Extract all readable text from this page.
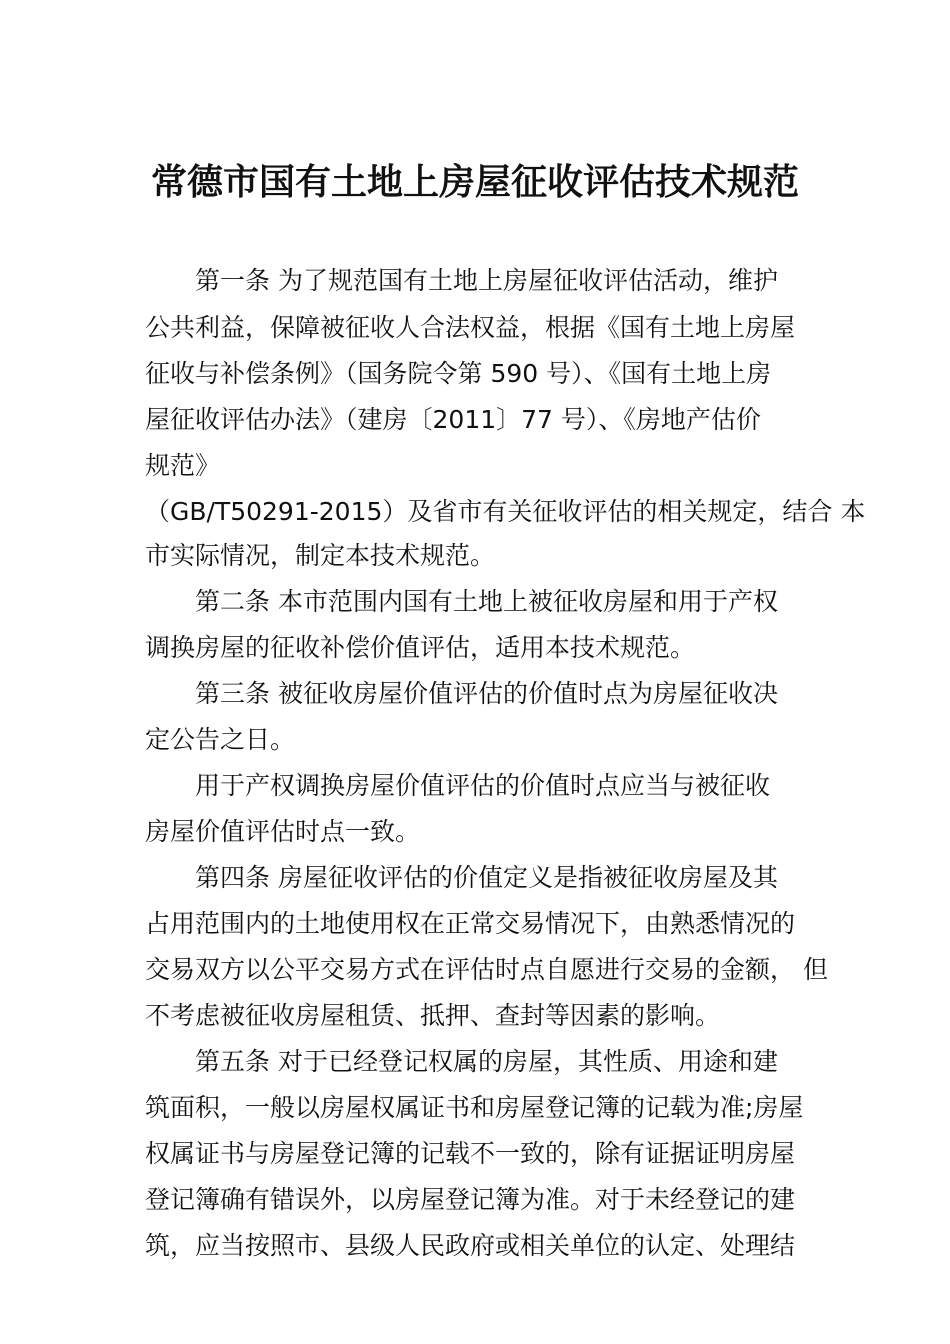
常德市国有土地上房屋征收评估技术规范

第一条 为了规范国有土地上房屋征收评估活动，维护

公共利益，保障被征收人合法权益，根据《国有土地上房屋

征收与补偿条例》（国务院令第 590 号）、《国有土地上房

屋征收评估办法》（建房〔2011〕77 号）、《房地产估价

规范》

（GB/T50291-2015）及省市有关征收评估的相关规定，结合 本

市实际情况，制定本技术规范。

第二条 本市范围内国有土地上被征收房屋和用于产权

调换房屋的征收补偿价值评估，适用本技术规范。

第三条 被征收房屋价值评估的价值时点为房屋征收决

定公告之日。

用于产权调换房屋价值评估的价值时点应当与被征收

房屋价值评估时点一致。

第四条 房屋征收评估的价值定义是指被征收房屋及其

占用范围内的土地使用权在正常交易情况下，由熟悉情况的

交易双方以公平交易方式在评估时点自愿进行交易的金额， 但

不考虑被征收房屋租赁、抵押、查封等因素的影响。

第五条 对于已经登记权属的房屋，其性质、用途和建

筑面积，一般以房屋权属证书和房屋登记簿的记载为准;房屋

权属证书与房屋登记簿的记载不一致的，除有证据证明房屋

登记簿确有错误外，以房屋登记簿为准。对于未经登记的建

筑，应当按照市、县级人民政府或相关单位的认定、处理结
